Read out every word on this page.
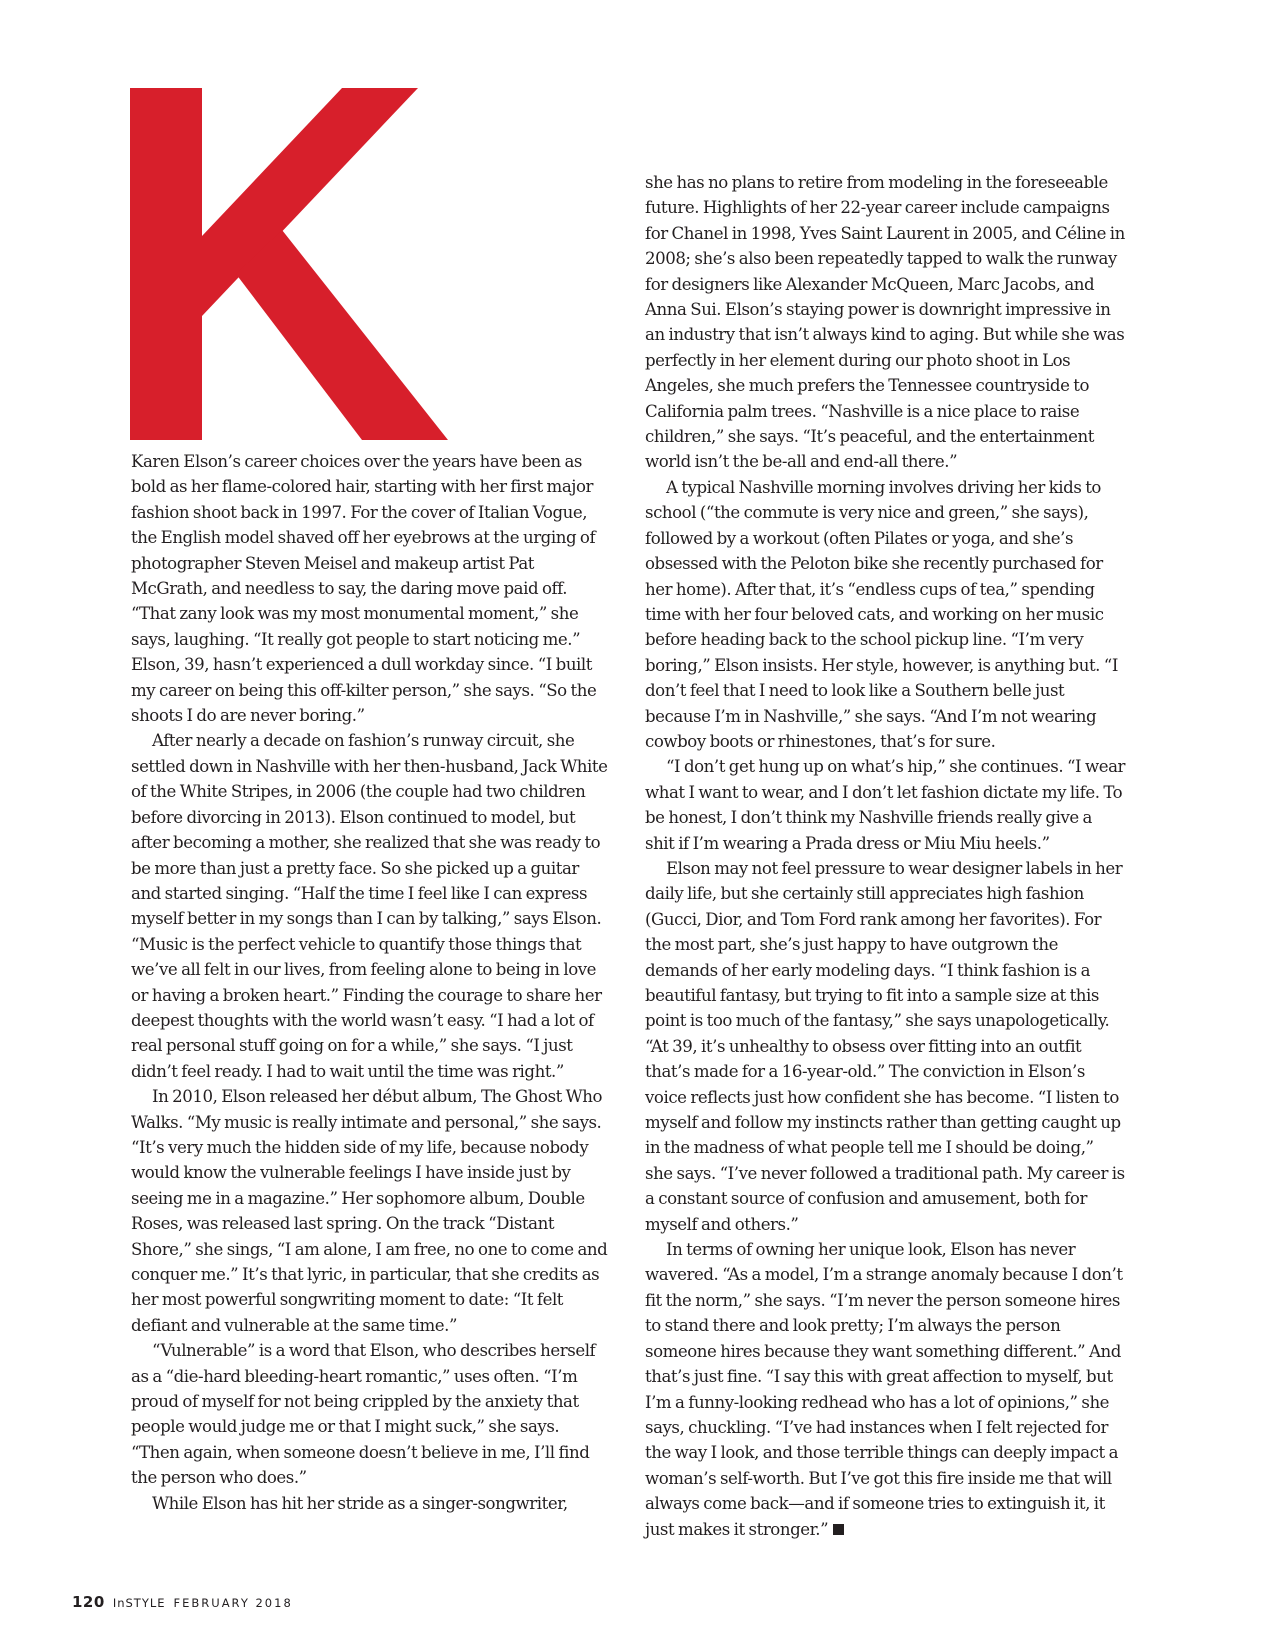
Karen Elson’s career choices over the years have been as bold as her flame-colored hair, starting with her first major fashion shoot back in 1997. For the cover of Italian Vogue, the English model shaved off her eyebrows at the urging of photographer Steven Meisel and makeup artist Pat McGrath, and needless to say, the daring move paid off. “That zany look was my most monumental moment,” she says, laughing. “It really got people to start noticing me.” Elson, 39, hasn’t experienced a dull workday since. “I built my career on being this off-kilter person,” she says. “So the shoots I do are never boring.”

After nearly a decade on fashion’s runway circuit, she settled down in Nashville with her then-husband, Jack White of the White Stripes, in 2006 (the couple had two children before divorcing in 2013). Elson continued to model, but after becoming a mother, she realized that she was ready to be more than just a pretty face. So she picked up a guitar and started singing. “Half the time I feel like I can express myself better in my songs than I can by talking,” says Elson. “Music is the perfect vehicle to quantify those things that we’ve all felt in our lives, from feeling alone to being in love or having a broken heart.” Finding the courage to share her deepest thoughts with the world wasn’t easy. “I had a lot of real personal stuff going on for a while,” she says. “I just didn’t feel ready. I had to wait until the time was right.”

In 2010, Elson released her début album, The Ghost Who Walks. “My music is really intimate and personal,” she says. “It’s very much the hidden side of my life, because nobody would know the vulnerable feelings I have inside just by seeing me in a magazine.” Her sophomore album, Double Roses, was released last spring. On the track “Distant Shore,” she sings, “I am alone, I am free, no one to come and conquer me.” It’s that lyric, in particular, that she credits as her most powerful songwriting moment to date: “It felt defiant and vulnerable at the same time.”

“Vulnerable” is a word that Elson, who describes herself as a “die-hard bleeding-heart romantic,” uses often. “I’m proud of myself for not being crippled by the anxiety that people would judge me or that I might suck,” she says. “Then again, when someone doesn’t believe in me, I’ll find the person who does.”

While Elson has hit her stride as a singer-songwriter,

she has no plans to retire from modeling in the foreseeable future. Highlights of her 22-year career include campaigns for Chanel in 1998, Yves Saint Laurent in 2005, and Céline in 2008; she’s also been repeatedly tapped to walk the runway for designers like Alexander McQueen, Marc Jacobs, and Anna Sui. Elson’s staying power is downright impressive in an industry that isn’t always kind to aging. But while she was perfectly in her element during our photo shoot in Los Angeles, she much prefers the Tennessee countryside to California palm trees. “Nashville is a nice place to raise children,” she says. “It’s peaceful, and the entertainment world isn’t the be-all and end-all there.”

A typical Nashville morning involves driving her kids to school (“the commute is very nice and green,” she says), followed by a workout (often Pilates or yoga, and she’s obsessed with the Peloton bike she recently purchased for her home). After that, it’s “endless cups of tea,” spending time with her four beloved cats, and working on her music before heading back to the school pickup line. “I’m very boring,” Elson insists. Her style, however, is anything but. “I don’t feel that I need to look like a Southern belle just because I’m in Nashville,” she says. “And I’m not wearing cowboy boots or rhinestones, that’s for sure.

“I don’t get hung up on what’s hip,” she continues. “I wear what I want to wear, and I don’t let fashion dictate my life. To be honest, I don’t think my Nashville friends really give a shit if I’m wearing a Prada dress or Miu Miu heels.”

Elson may not feel pressure to wear designer labels in her daily life, but she certainly still appreciates high fashion (Gucci, Dior, and Tom Ford rank among her favorites). For the most part, she’s just happy to have outgrown the demands of her early modeling days. “I think fashion is a beautiful fantasy, but trying to fit into a sample size at this point is too much of the fantasy,” she says unapologetically. “At 39, it’s unhealthy to obsess over fitting into an outfit that’s made for a 16-year-old.” The conviction in Elson’s voice reflects just how confident she has become. “I listen to myself and follow my instincts rather than getting caught up in the madness of what people tell me I should be doing,” she says. “I’ve never followed a traditional path. My career is a constant source of confusion and amusement, both for myself and others.”

In terms of owning her unique look, Elson has never wavered. “As a model, I’m a strange anomaly because I don’t fit the norm,” she says. “I’m never the person someone hires to stand there and look pretty; I’m always the person someone hires because they want something different.” And that’s just fine. “I say this with great affection to myself, but I’m a funny-looking redhead who has a lot of opinions,” she says, chuckling. “I’ve had instances when I felt rejected for the way I look, and those terrible things can deeply impact a woman’s self-worth. But I’ve got this fire inside me that will always come back—and if someone tries to extinguish it, it just makes it stronger.”

120 InSTYLE FEBRUARY 2018
